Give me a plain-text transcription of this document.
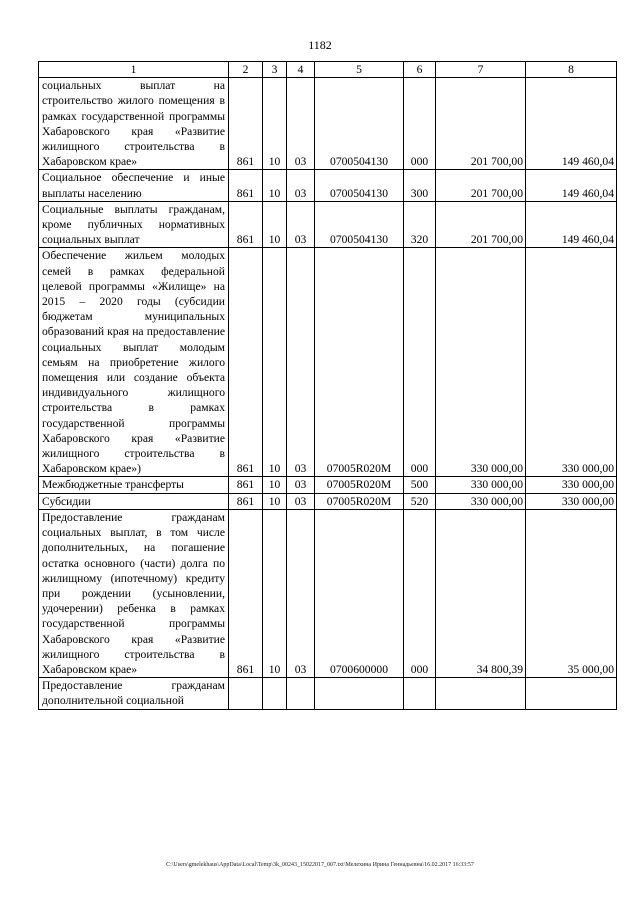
1182
1	2	3	4	5	6	7	8
социальных выплат на строительство жилого помещения в рамках государственной программы Хабаровского края «Развитие жилищного строительства в Хабаровском крае»	861	10	03	0700504130	000	201 700,00	149 460,04
Социальное обеспечение и иные выплаты населению	861	10	03	0700504130	300	201 700,00	149 460,04
Социальные выплаты гражданам, кроме публичных нормативных социальных выплат	861	10	03	0700504130	320	201 700,00	149 460,04
Обеспечение жильем молодых семей в рамках федеральной целевой программы «Жилище» на 2015 – 2020 годы (субсидии бюджетам муниципальных образований края на предоставление социальных выплат молодым семьям на приобретение жилого помещения или создание объекта индивидуального жилищного строительства в рамках государственной программы Хабаровского края «Развитие жилищного строительства в Хабаровском крае»)	861	10	03	07005R020M	000	330 000,00	330 000,00
Межбюджетные трансферты	861	10	03	07005R020M	500	330 000,00	330 000,00
Субсидии	861	10	03	07005R020M	520	330 000,00	330 000,00
Предоставление гражданам социальных выплат, в том числе дополнительных, на погашение остатка основного (части) долга по жилищному (ипотечному) кредиту при рождении (усыновлении, удочерении) ребенка в рамках государственной программы Хабаровского края «Развитие жилищного строительства в Хабаровском крае»	861	10	03	0700600000	000	34 800,39	35 000,00
Предоставление гражданам дополнительной социальной							
C:\Users\gmelekhaus\AppData\Local\Temp\3k_00243_15022017_007.txt\Мелехина Ирина Геннадьевна\16.02.2017 16:33:57
